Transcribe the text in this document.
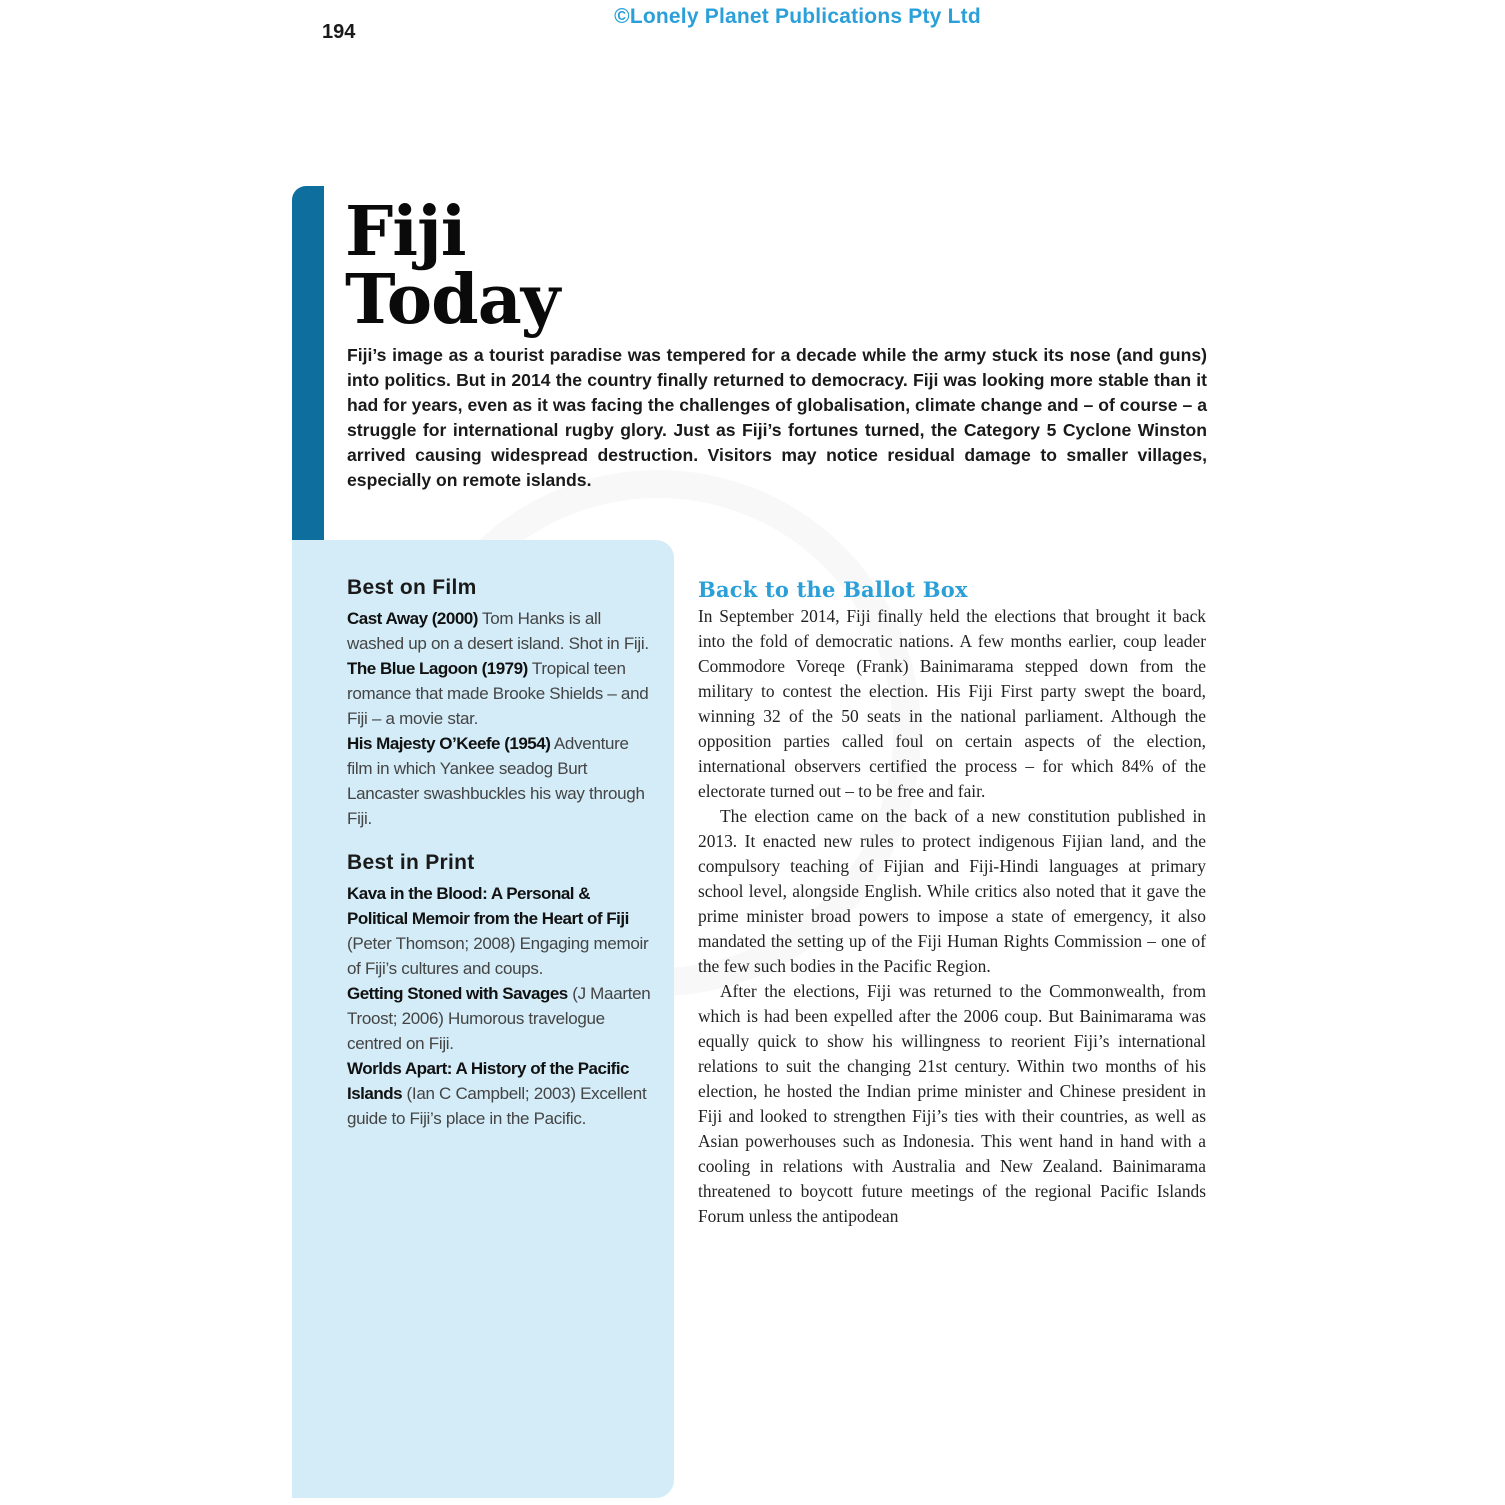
©Lonely Planet Publications Pty Ltd
194
Fiji
Today

Fiji’s image as a tourist paradise was tempered for a decade while the army stuck its nose (and guns) into politics. But in 2014 the country finally returned to democracy. Fiji was looking more stable than it had for years, even as it was facing the challenges of globalisation, climate change and – of course – a struggle for international rugby glory. Just as Fiji’s fortunes turned, the Category 5 Cyclone Winston arrived causing widespread destruction. Visitors may notice residual damage to smaller villages, especially on remote islands.

Best on Film

Cast Away (2000) Tom Hanks is all washed up on a desert island. Shot in Fiji.

The Blue Lagoon (1979) Tropical teen romance that made Brooke Shields – and Fiji – a movie star.

His Majesty O’Keefe (1954) Adventure film in which Yankee seadog Burt Lancaster swashbuckles his way through Fiji.

Best in Print

Kava in the Blood: A Personal & Political Memoir from the Heart of Fiji (Peter Thomson; 2008) Engaging memoir of Fiji’s cultures and coups.

Getting Stoned with Savages (J Maarten Troost; 2006) Humorous travelogue centred on Fiji.

Worlds Apart: A History of the Pacific Islands (Ian C Campbell; 2003) Excellent guide to Fiji’s place in the Pacific.

Back to the Ballot Box

In September 2014, Fiji finally held the elections that brought it back into the fold of democratic nations. A few months earlier, coup leader Commodore Voreqe (Frank) Bainimarama stepped down from the military to contest the election. His Fiji First party swept the board, winning 32 of the 50 seats in the national parliament. Although the opposition parties called foul on certain aspects of the election, international observers certified the process – for which 84% of the electorate turned out – to be free and fair.

The election came on the back of a new constitution published in 2013. It enacted new rules to protect indigenous Fijian land, and the compulsory teaching of Fijian and Fiji-Hindi languages at primary school level, alongside English. While critics also noted that it gave the prime minister broad powers to impose a state of emergency, it also mandated the setting up of the Fiji Human Rights Commission – one of the few such bodies in the Pacific Region.

After the elections, Fiji was returned to the Commonwealth, from which is had been expelled after the 2006 coup. But Bainimarama was equally quick to show his willingness to reorient Fiji’s international relations to suit the changing 21st century. Within two months of his election, he hosted the Indian prime minister and Chinese president in Fiji and looked to strengthen Fiji’s ties with their countries, as well as Asian powerhouses such as Indonesia. This went hand in hand with a cooling in relations with Australia and New Zealand. Bainimarama threatened to boycott future meetings of the regional Pacific Islands Forum unless the antipodean
